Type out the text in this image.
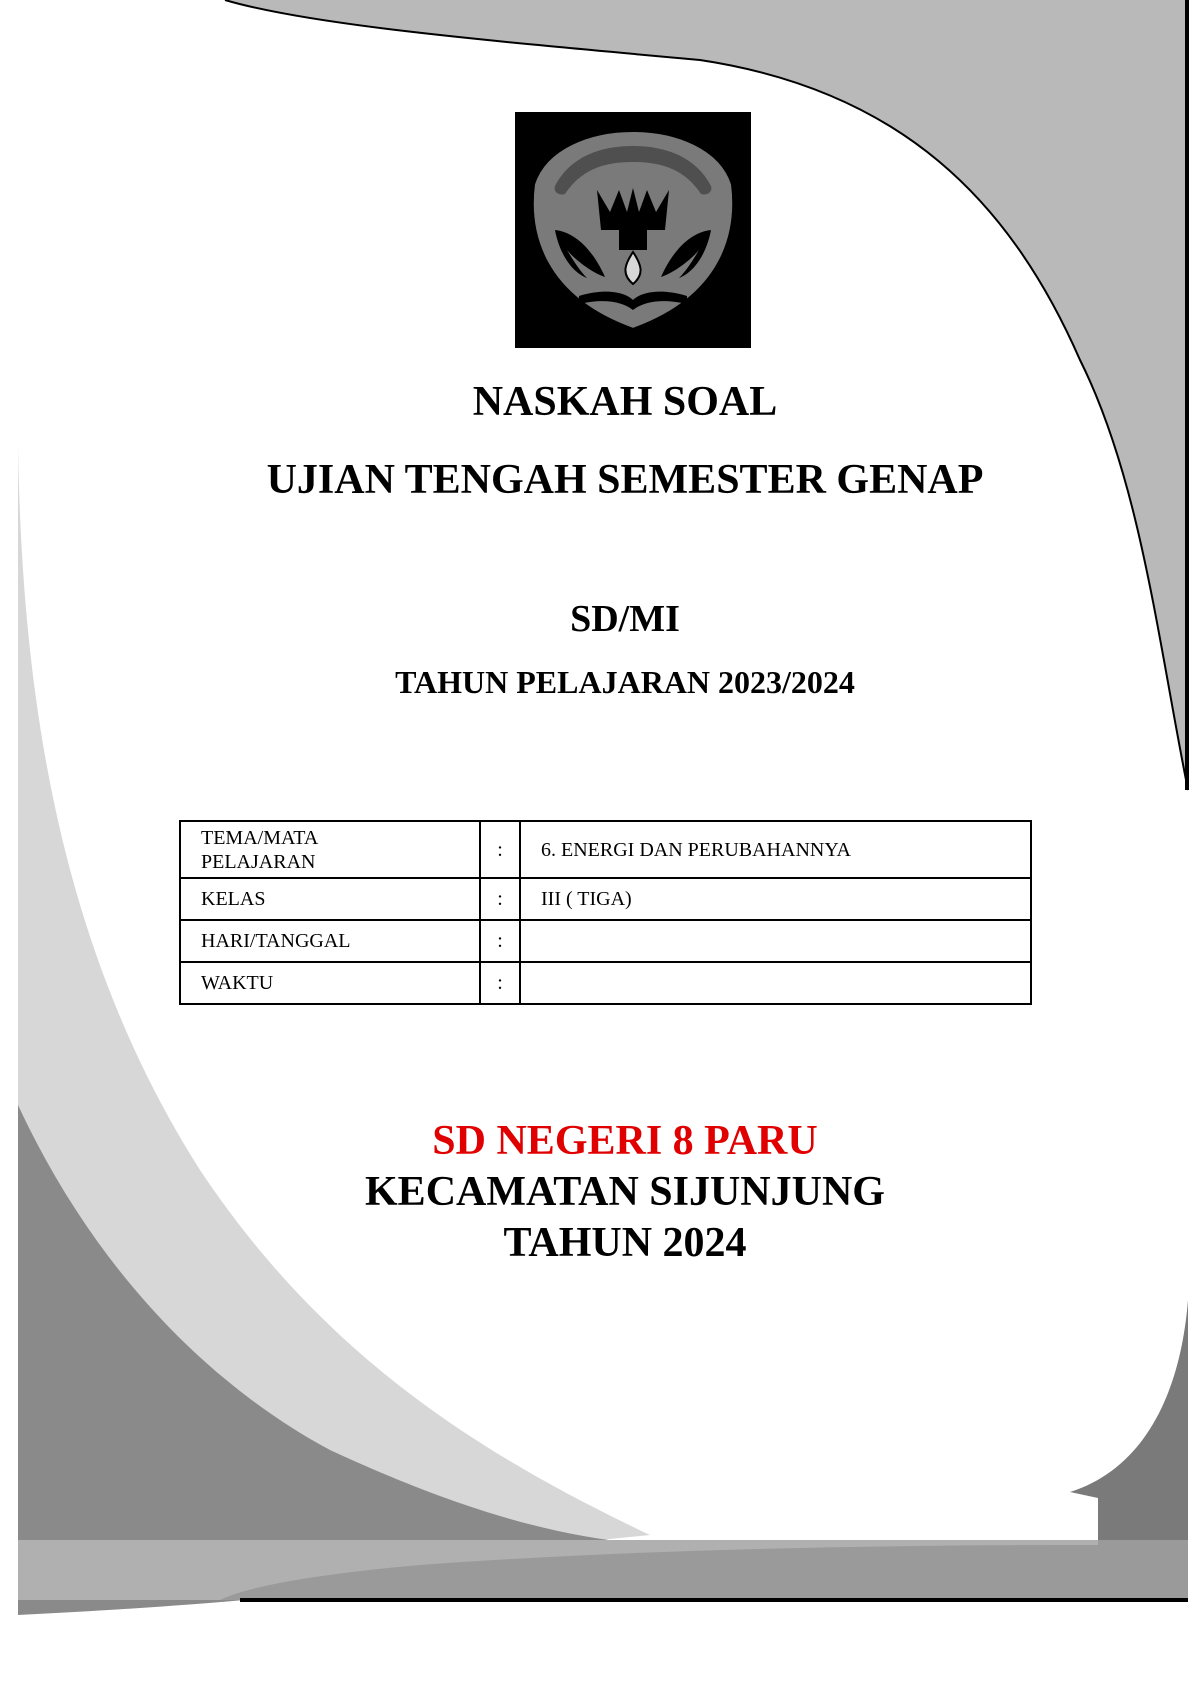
NASKAH SOAL

UJIAN TENGAH SEMESTER GENAP

SD/MI

TAHUN PELAJARAN 2023/2024

TEMA/MATA
PELAJARAN	:	6. ENERGI DAN PERUBAHANNYA
KELAS	:	III ( TIGA)
HARI/TANGGAL	:	
WAKTU	:	

SD NEGERI 8 PARU

KECAMATAN SIJUNJUNG

TAHUN 2024
